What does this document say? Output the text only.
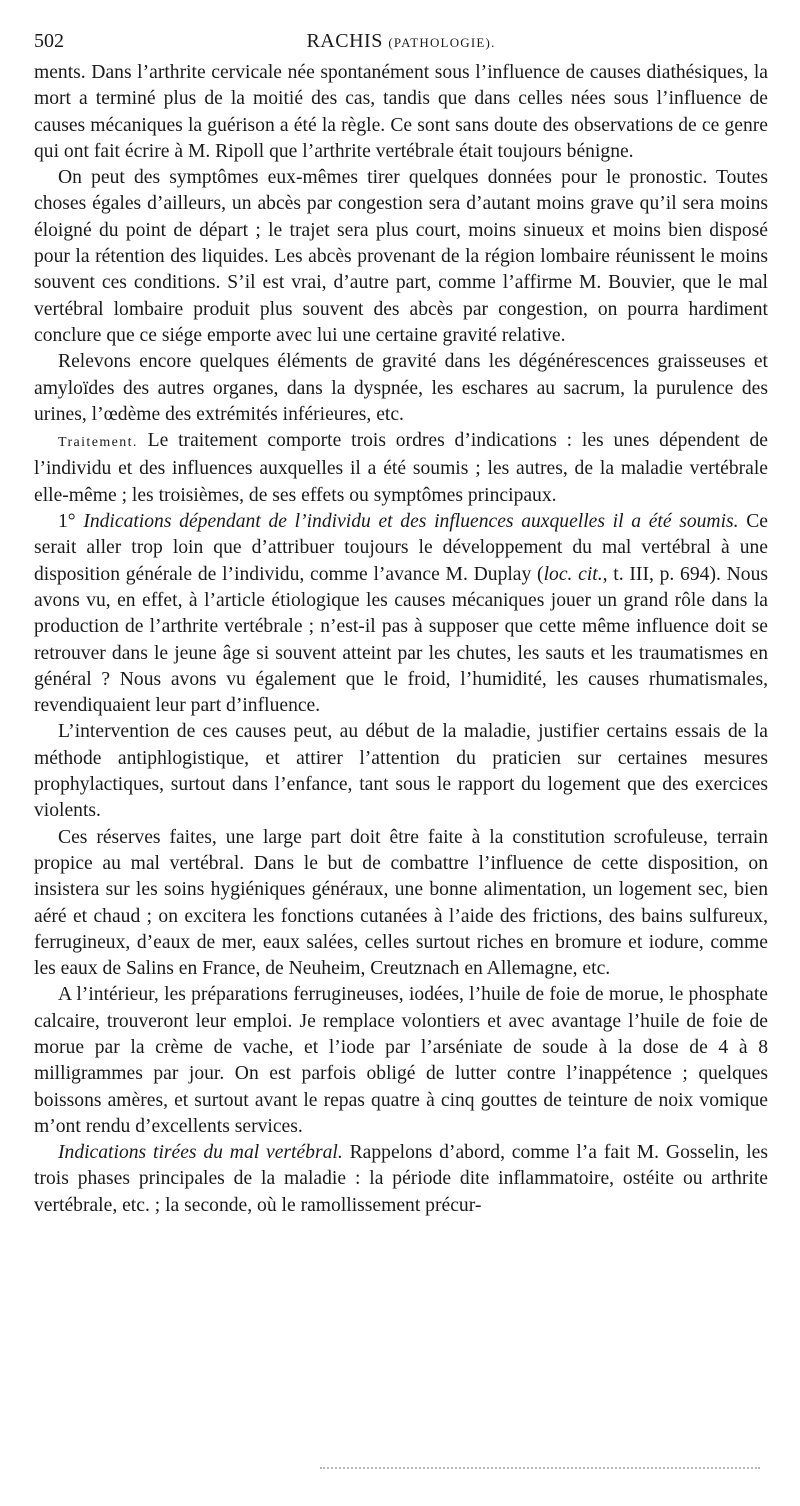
502	RACHIS (PATHOLOGIE).

ments. Dans l’arthrite cervicale née spontanément sous l’influence de causes diathésiques, la mort a terminé plus de la moitié des cas, tandis que dans celles nées sous l’influence de causes mécaniques la guérison a été la règle. Ce sont sans doute des observations de ce genre qui ont fait écrire à M. Ripoll que l’arthrite vertébrale était toujours bénigne.

On peut des symptômes eux-mêmes tirer quelques données pour le pronostic. Toutes choses égales d’ailleurs, un abcès par congestion sera d’autant moins grave qu’il sera moins éloigné du point de départ ; le trajet sera plus court, moins sinueux et moins bien disposé pour la rétention des liquides. Les abcès provenant de la région lombaire réunissent le moins souvent ces conditions. S’il est vrai, d’autre part, comme l’affirme M. Bouvier, que le mal vertébral lombaire produit plus souvent des abcès par congestion, on pourra hardiment conclure que ce siége emporte avec lui une certaine gravité relative.

Relevons encore quelques éléments de gravité dans les dégénérescences graisseuses et amyloïdes des autres organes, dans la dyspnée, les eschares au sacrum, la purulence des urines, l’œdème des extrémités inférieures, etc.

Traitement. Le traitement comporte trois ordres d’indications : les unes dépendent de l’individu et des influences auxquelles il a été soumis ; les autres, de la maladie vertébrale elle-même ; les troisièmes, de ses effets ou symptômes principaux.

1° Indications dépendant de l’individu et des influences auxquelles il a été soumis. Ce serait aller trop loin que d’attribuer toujours le développement du mal vertébral à une disposition générale de l’individu, comme l’avance M. Duplay (loc. cit., t. III, p. 694). Nous avons vu, en effet, à l’article étiologique les causes mécaniques jouer un grand rôle dans la production de l’arthrite vertébrale ; n’est-il pas à supposer que cette même influence doit se retrouver dans le jeune âge si souvent atteint par les chutes, les sauts et les traumatismes en général ? Nous avons vu également que le froid, l’humidité, les causes rhumatismales, revendiquaient leur part d’influence.

L’intervention de ces causes peut, au début de la maladie, justifier certains essais de la méthode antiphlogistique, et attirer l’attention du praticien sur certaines mesures prophylactiques, surtout dans l’enfance, tant sous le rapport du logement que des exercices violents.

Ces réserves faites, une large part doit être faite à la constitution scrofuleuse, terrain propice au mal vertébral. Dans le but de combattre l’influence de cette disposition, on insistera sur les soins hygiéniques généraux, une bonne alimentation, un logement sec, bien aéré et chaud ; on excitera les fonctions cutanées à l’aide des frictions, des bains sulfureux, ferrugineux, d’eaux de mer, eaux salées, celles surtout riches en bromure et iodure, comme les eaux de Salins en France, de Neuheim, Creutznach en Allemagne, etc.

A l’intérieur, les préparations ferrugineuses, iodées, l’huile de foie de morue, le phosphate calcaire, trouveront leur emploi. Je remplace volontiers et avec avantage l’huile de foie de morue par la crème de vache, et l’iode par l’arséniate de soude à la dose de 4 à 8 milligrammes par jour. On est parfois obligé de lutter contre l’inappétence ; quelques boissons amères, et surtout avant le repas quatre à cinq gouttes de teinture de noix vomique m’ont rendu d’excellents services.

Indications tirées du mal vertébral. Rappelons d’abord, comme l’a fait M. Gosselin, les trois phases principales de la maladie : la période dite inflammatoire, ostéite ou arthrite vertébrale, etc. ; la seconde, où le ramollissement précur-
